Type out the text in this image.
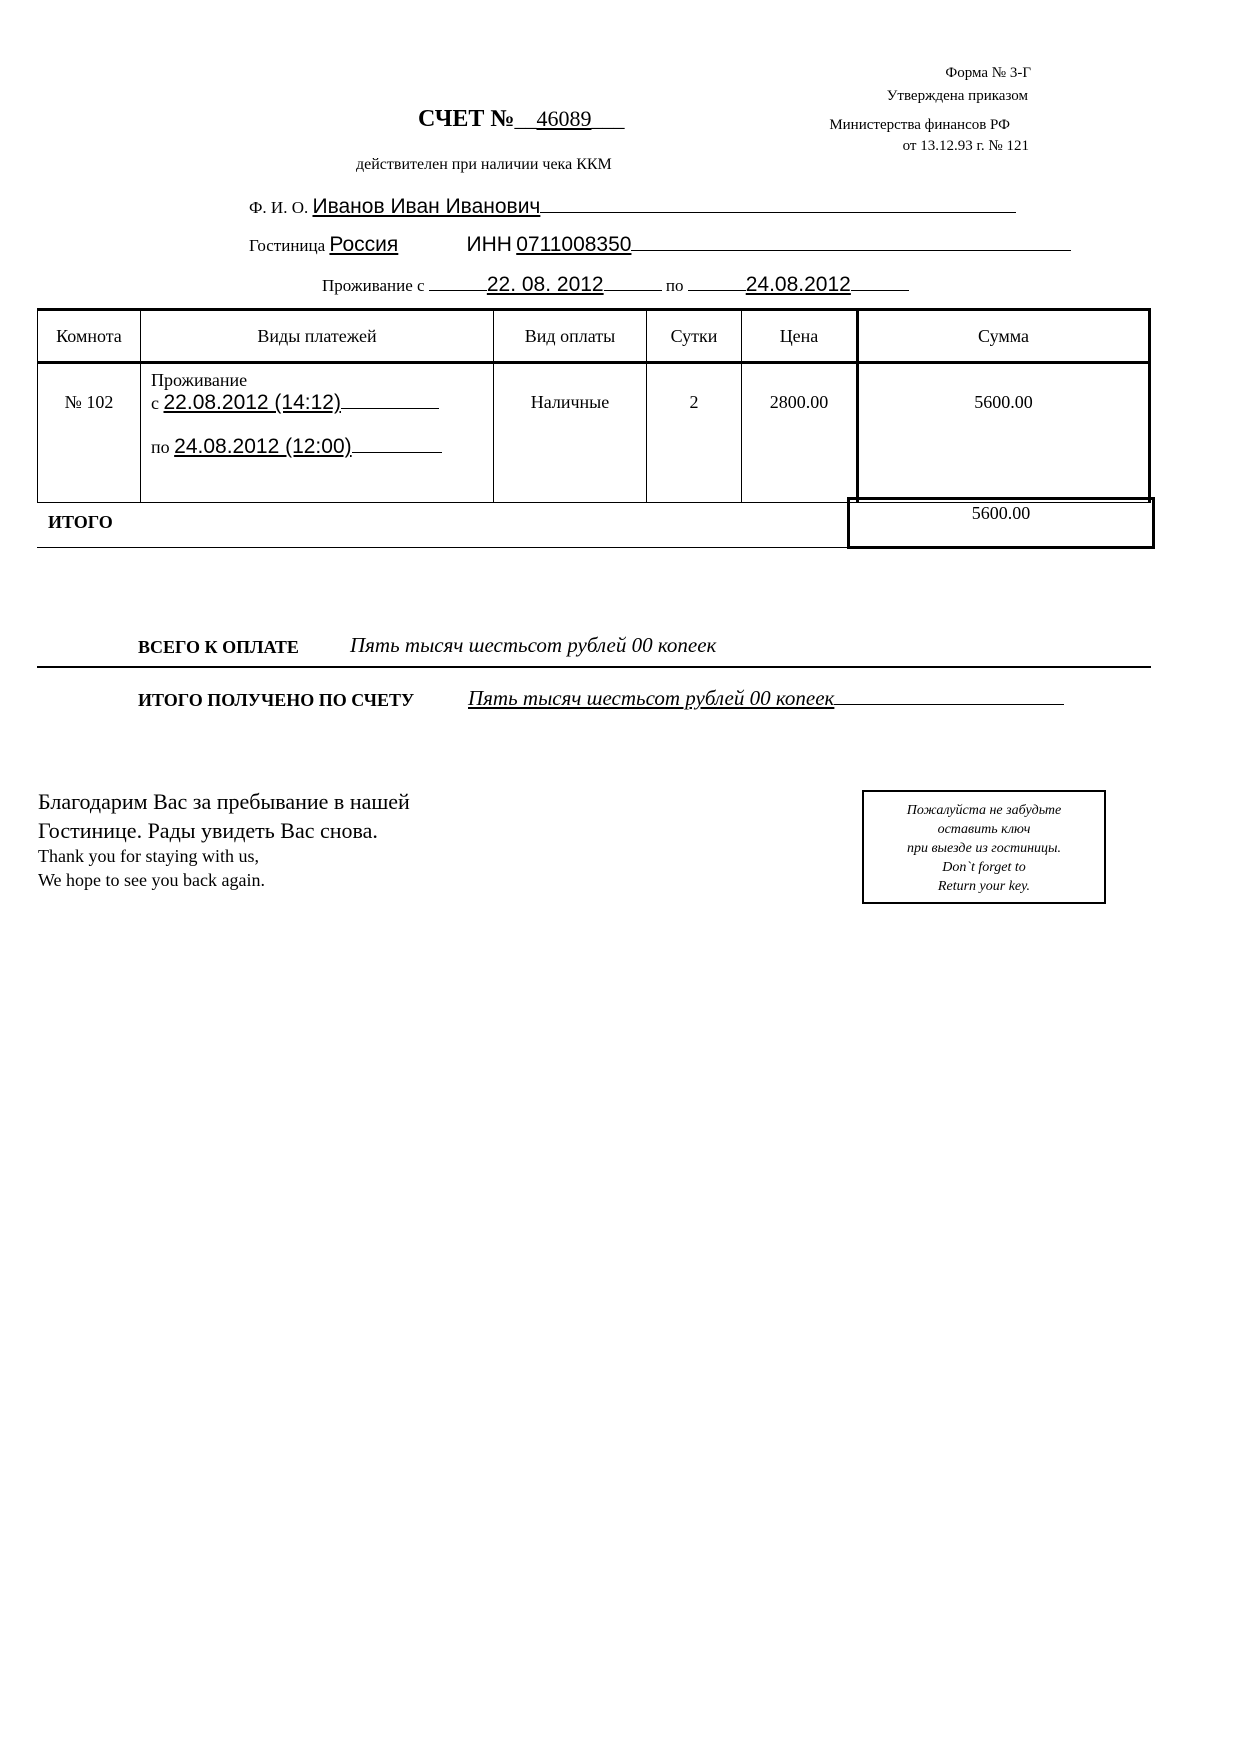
Форма № 3-Г
Утверждена приказом
Министерства финансов РФ
от 13.12.93 г. № 121
СЧЕТ №__46089___
действителен при наличии чека ККМ
Ф. И. О. Иванов Иван Иванович
Гостиница Россия	ИНН 0711008350
Проживание с	22. 08. 2012	по	24.08.2012
Комнота	Виды платежей	Вид оплаты	Сутки	Цена	Сумма
№ 102	Проживание
с 22.08.2012 (14:12)
по 24.08.2012 (12:00)	Наличные	2	2800.00	5600.00
ИТОГО	5600.00
ВСЕГО К ОПЛАТЕ Пять тысяч шестьсот рублей 00 копеек
ИТОГО ПОЛУЧЕНО ПО СЧЕТУ	Пять тысяч шестьсот рублей 00 копеек
Благодарим Вас за пребывание в нашей
Гостинице. Рады увидеть Вас снова.
Thank you for staying with us,
We hope to see you back again.
Пожалуйста не забудьте
оставить ключ
при выезде из гостиницы.
Don`t forget to
Return your key.
